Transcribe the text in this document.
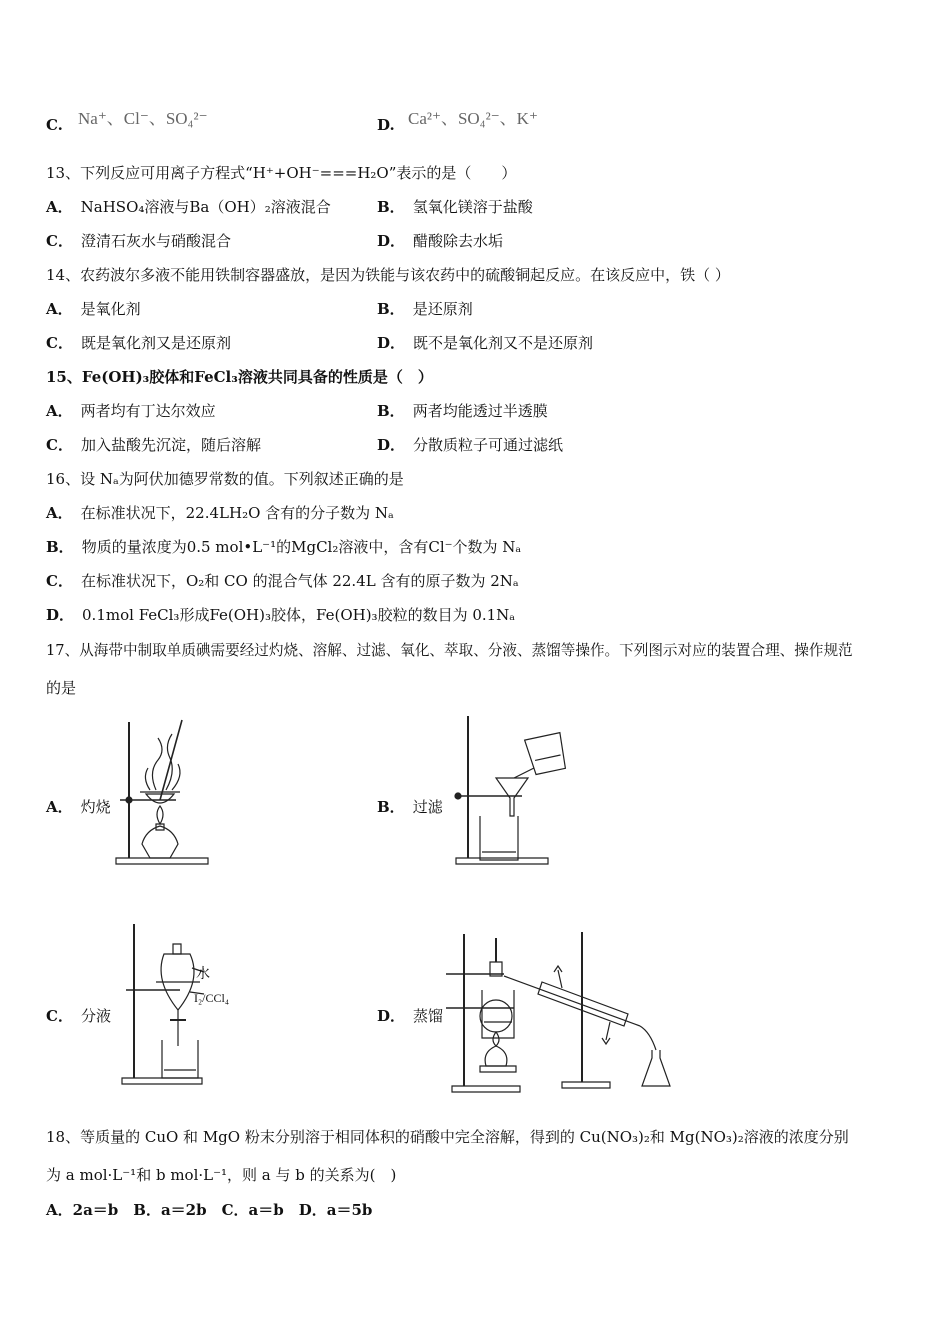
C. Na⁺、Cl⁻、SO₄²⁻	D. Ca²⁺、SO₄²⁻、K⁺
13、下列反应可用离子方程式“H⁺+OH⁻===H₂O”表示的是（　　）
A． NaHSO₄溶液与Ba（OH）₂溶液混合	B． 氢氧化镁溶于盐酸
C． 澄清石灰水与硝酸混合	D． 醋酸除去水垢
14、农药波尔多液不能用铁制容器盛放，是因为铁能与该农药中的硫酸铜起反应。在该反应中，铁（ ）
A． 是氧化剂	B． 是还原剂
C． 既是氧化剂又是还原剂	D． 既不是氧化剂又不是还原剂
15、Fe(OH)₃胶体和FeCl₃溶液共同具备的性质是（　）
A． 两者均有丁达尔效应	B． 两者均能透过半透膜
C． 加入盐酸先沉淀，随后溶解	D． 分散质粒子可通过滤纸
16、设 Nₐ为阿伏加德罗常数的值。下列叙述正确的是
A． 在标准状况下，22.4LH₂O 含有的分子数为 Nₐ
B． 物质的量浓度为0.5 mol•L⁻¹的MgCl₂溶液中，含有Cl⁻个数为 Nₐ
C． 在标准状况下，O₂和 CO 的混合气体 22.4L 含有的原子数为 2Nₐ
D． 0.1mol FeCl₃形成Fe(OH)₃胶体，Fe(OH)₃胶粒的数目为 0.1Nₐ
17、从海带中制取单质碘需要经过灼烧、溶解、过滤、氧化、萃取、分液、蒸馏等操作。下列图示对应的装置合理、操作规范
的是
A． 灼烧	B． 过滤
C． 分液	D． 蒸馏
水
I₂/CCl₄
18、等质量的 CuO 和 MgO 粉末分别溶于相同体积的硝酸中完全溶解，得到的 Cu(NO₃)₂和 Mg(NO₃)₂溶液的浓度分别
为 a mol·L⁻¹和 b mol·L⁻¹，则 a 与 b 的关系为(　)
A．2a＝b　B．a＝2b　C．a＝b　D．a＝5b
